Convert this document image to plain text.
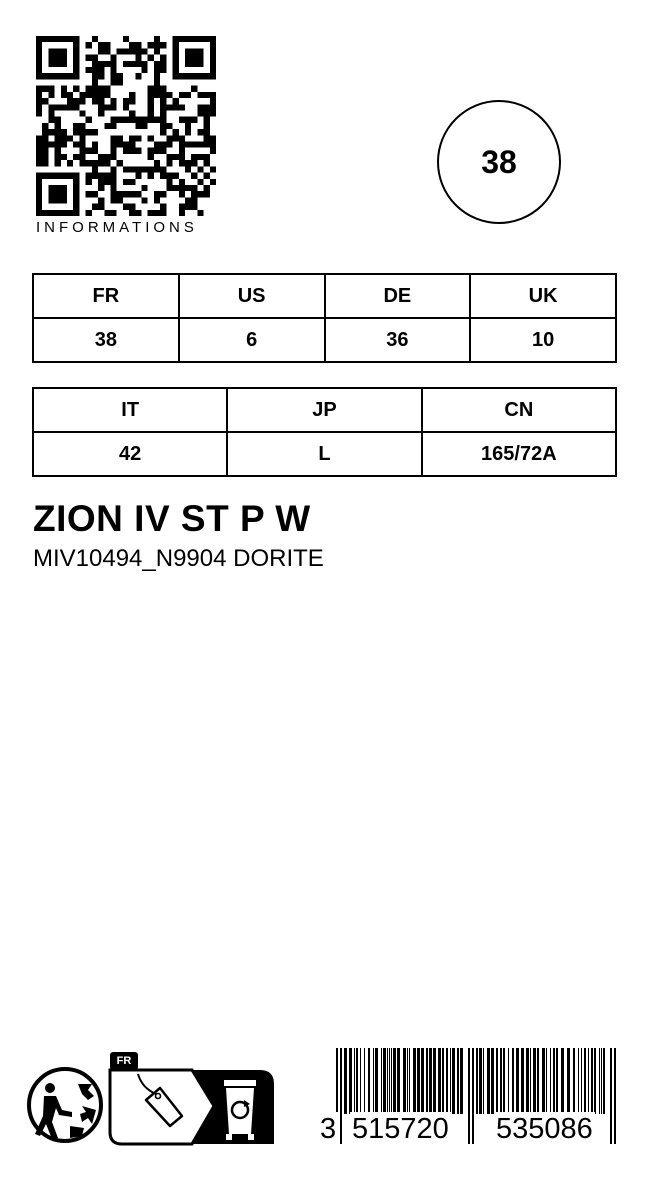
INFORMATIONS
38
FR	US	DE	UK
38	6	36	10
IT	JP	CN
42	L	165/72A
ZION IV ST P W
MIV10494_N9904 DORITE
FR
3 515720 535086
